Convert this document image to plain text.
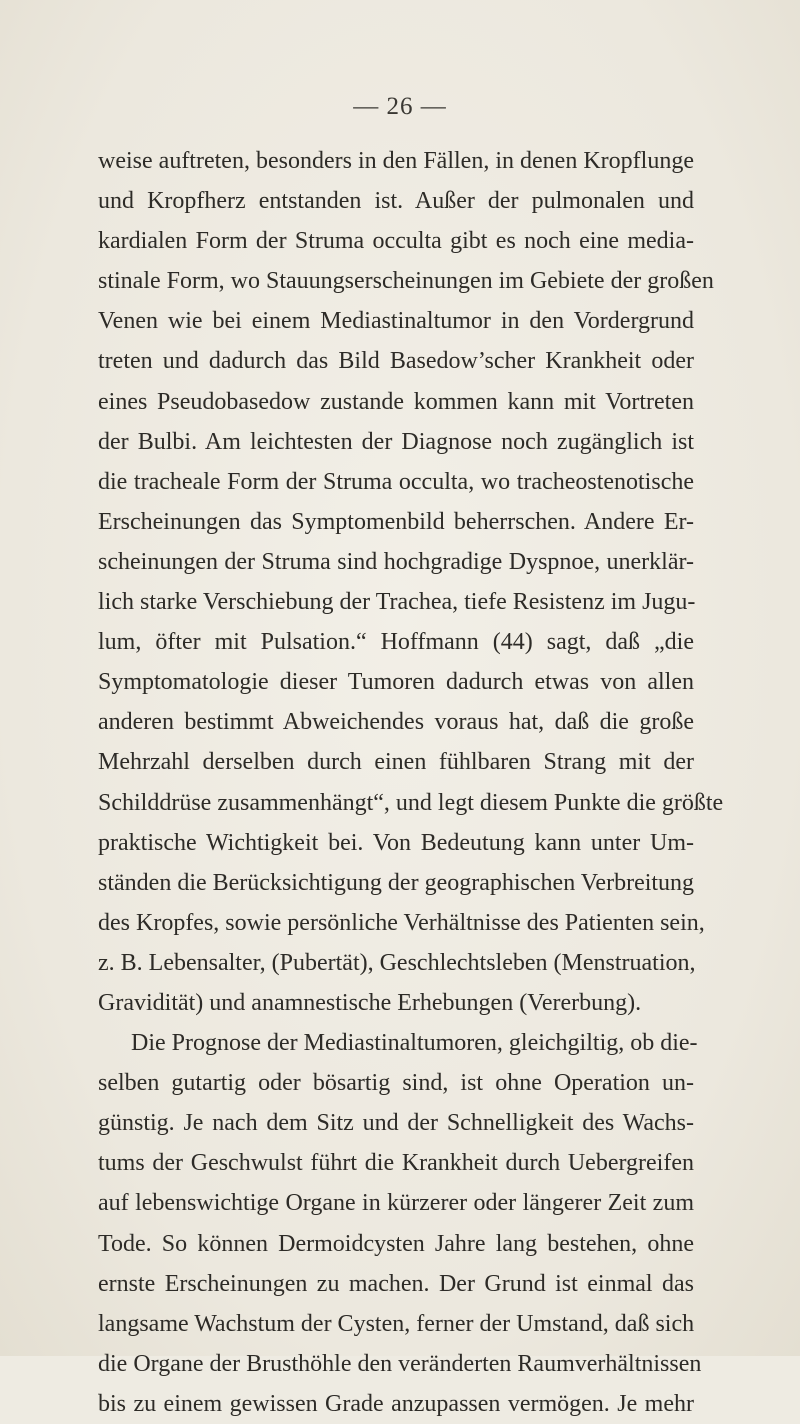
— 26 —
weise auftreten, besonders in den Fällen, in denen Kropflunge
und Kropfherz entstanden ist. Außer der pulmonalen und
kardialen Form der Struma occulta gibt es noch eine media-
stinale Form, wo Stauungserscheinungen im Gebiete der großen
Venen wie bei einem Mediastinaltumor in den Vordergrund
treten und dadurch das Bild Basedow’scher Krankheit oder
eines Pseudobasedow zustande kommen kann mit Vortreten
der Bulbi. Am leichtesten der Diagnose noch zugänglich ist
die tracheale Form der Struma occulta, wo tracheostenotische
Erscheinungen das Symptomenbild beherrschen. Andere Er-
scheinungen der Struma sind hochgradige Dyspnoe, unerklär-
lich starke Verschiebung der Trachea, tiefe Resistenz im Jugu-
lum, öfter mit Pulsation.“ Hoffmann (44) sagt, daß „die
Symptomatologie dieser Tumoren dadurch etwas von allen
anderen bestimmt Abweichendes voraus hat, daß die große
Mehrzahl derselben durch einen fühlbaren Strang mit der
Schilddrüse zusammenhängt“, und legt diesem Punkte die größte
praktische Wichtigkeit bei. Von Bedeutung kann unter Um-
ständen die Berücksichtigung der geographischen Verbreitung
des Kropfes, sowie persönliche Verhältnisse des Patienten sein,
z. B. Lebensalter, (Pubertät), Geschlechtsleben (Menstruation,
Gravidität) und anamnestische Erhebungen (Vererbung).
Die Prognose der Mediastinaltumoren, gleichgiltig, ob die-
selben gutartig oder bösartig sind, ist ohne Operation un-
günstig. Je nach dem Sitz und der Schnelligkeit des Wachs-
tums der Geschwulst führt die Krankheit durch Uebergreifen
auf lebenswichtige Organe in kürzerer oder längerer Zeit zum
Tode. So können Dermoidcysten Jahre lang bestehen, ohne
ernste Erscheinungen zu machen. Der Grund ist einmal das
langsame Wachstum der Cysten, ferner der Umstand, daß sich
die Organe der Brusthöhle den veränderten Raumverhältnissen
bis zu einem gewissen Grade anzupassen vermögen. Je mehr
